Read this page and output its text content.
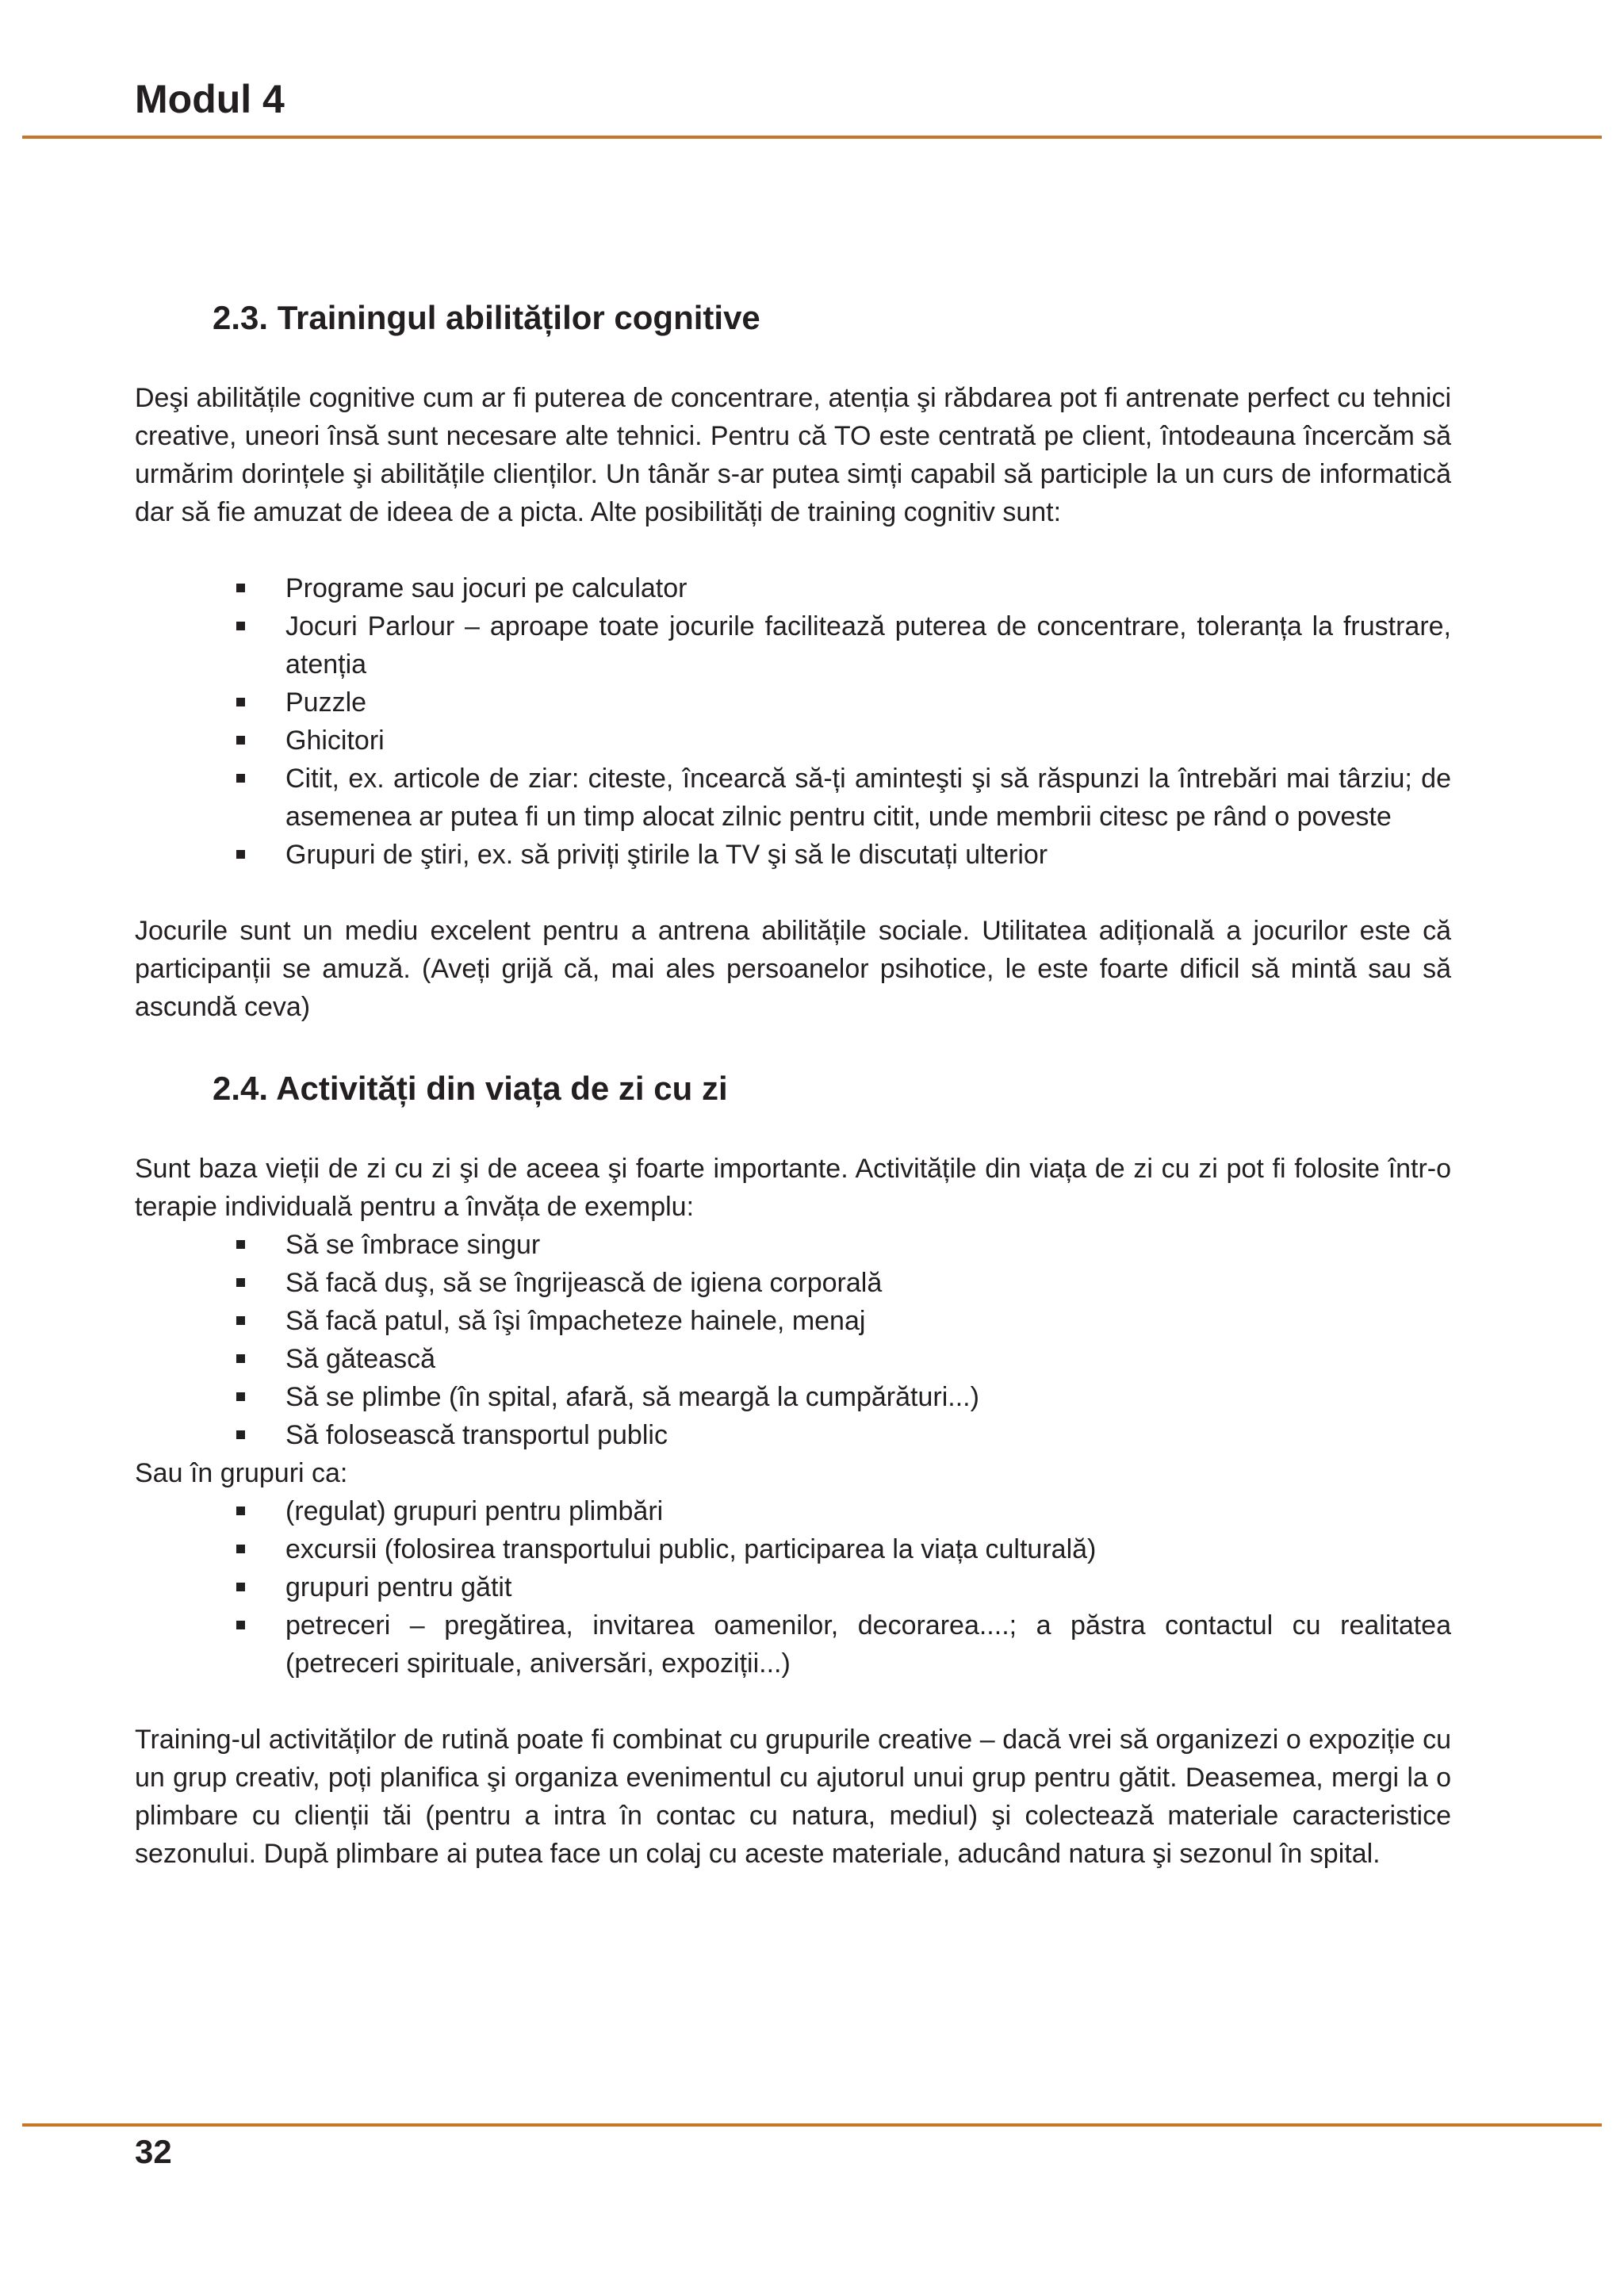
Modul 4
2.3. Trainingul abilităților cognitive

Deşi abilitățile cognitive cum ar fi puterea de concentrare, atenția şi răbdarea pot fi antrenate perfect cu tehnici creative, uneori însă sunt necesare alte tehnici. Pentru că TO este centrată pe client, întodeauna încercăm să urmărim dorințele şi abilitățile clienților. Un tânăr s-ar putea simți capabil să participle la un curs de informatică dar să fie amuzat de ideea de a picta. Alte posibilități de training cognitiv sunt:

Programe sau jocuri pe calculator
Jocuri Parlour – aproape toate jocurile facilitează puterea de concentrare, toleranța la frustrare, atenția
Puzzle
Ghicitori
Citit, ex. articole de ziar: citeste, încearcă să-ți aminteşti şi să răspunzi la întrebări mai târziu; de asemenea ar putea fi un timp alocat zilnic pentru citit, unde membrii citesc pe rând o poveste
Grupuri de ştiri, ex. să priviți ştirile la TV şi să le discutați ulterior

Jocurile sunt un mediu excelent pentru a antrena abilitățile sociale. Utilitatea adițională a jocurilor este că participanții se amuză. (Aveți grijă că, mai ales persoanelor psihotice, le este foarte dificil să mintă sau să ascundă ceva)

2.4. Activități din viața de zi cu zi

Sunt baza vieții de zi cu zi şi de aceea şi foarte importante. Activitățile din viața de zi cu zi pot fi folosite într-o terapie individuală pentru a învăța de exemplu:

Să se îmbrace singur
Să facă duş, să se îngrijească de igiena corporală
Să facă patul, să îşi împacheteze hainele, menaj
Să gătească
Să se plimbe (în spital, afară, să meargă la cumpărături...)
Să folosească transportul public

Sau în grupuri ca:

(regulat) grupuri pentru plimbări
excursii (folosirea transportului public, participarea la viața culturală)
grupuri pentru gătit
petreceri – pregătirea, invitarea oamenilor, decorarea....; a păstra contactul cu realitatea (petreceri spirituale, aniversări, expoziții...)

Training-ul activităților de rutină poate fi combinat cu grupurile creative – dacă vrei să organizezi o expoziție cu un grup creativ, poți planifica şi organiza evenimentul cu ajutorul unui grup pentru gătit. Deasemea, mergi la o plimbare cu clienții tăi (pentru a intra în contac cu natura, mediul) şi colectează materiale caracteristice sezonului. După plimbare ai putea face un colaj cu aceste materiale, aducând natura şi sezonul în spital.

32
